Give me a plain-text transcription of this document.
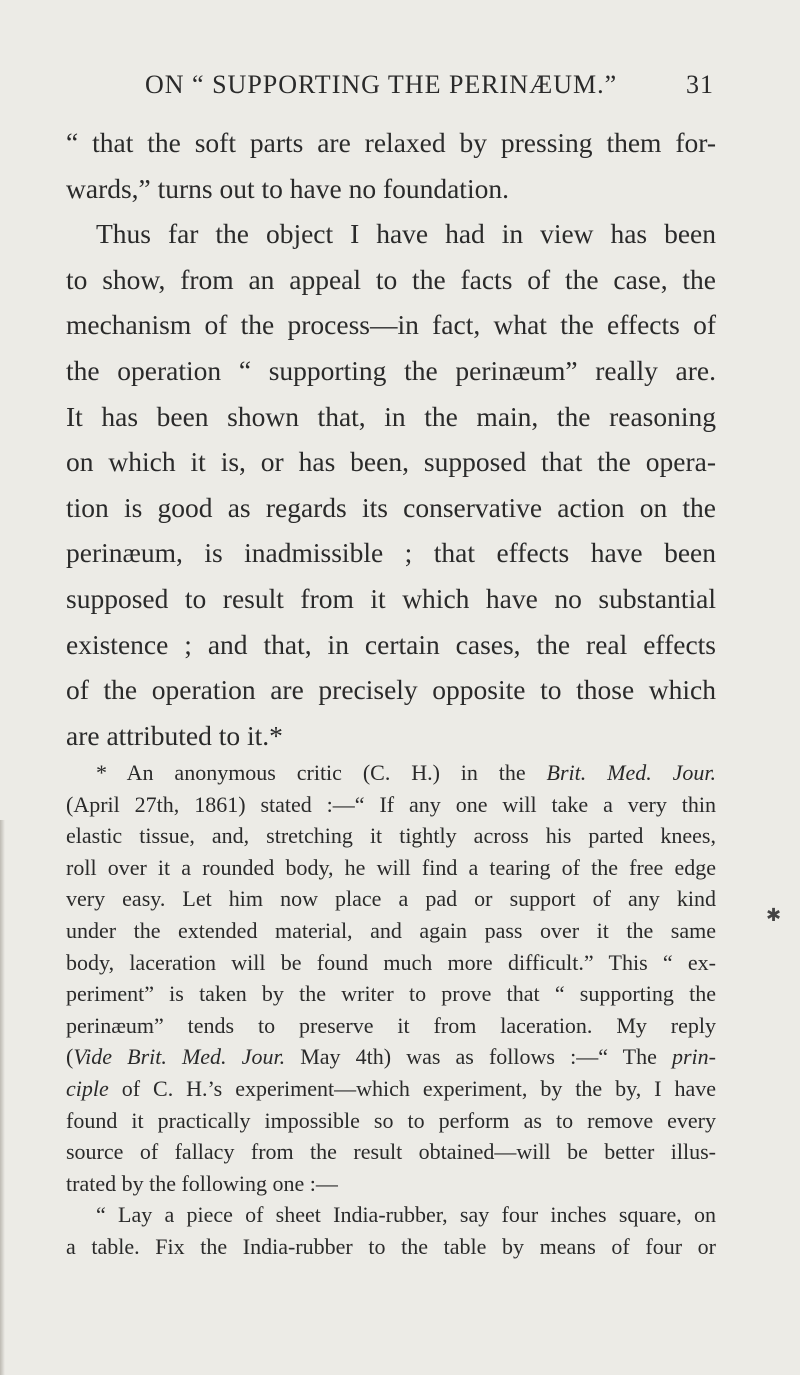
ON “ SUPPORTING THE PERINÆUM.”	31
“ that the soft parts are relaxed by pressing them for-
wards,” turns out to have no foundation.
Thus far the object I have had in view has been
to show, from an appeal to the facts of the case, the
mechanism of the process—in fact, what the effects of
the operation “ supporting the perinæum” really are.
It has been shown that, in the main, the reasoning
on which it is, or has been, supposed that the opera-
tion is good as regards its conservative action on the
perinæum, is inadmissible ; that effects have been
supposed to result from it which have no substantial
existence ; and that, in certain cases, the real effects
of the operation are precisely opposite to those which
are attributed to it.*
* An anonymous critic (C. H.) in the Brit. Med. Jour.
(April 27th, 1861) stated :—“ If any one will take a very thin
elastic tissue, and, stretching it tightly across his parted knees,
roll over it a rounded body, he will find a tearing of the free edge
very easy. Let him now place a pad or support of any kind
under the extended material, and again pass over it the same
body, laceration will be found much more difficult.” This “ ex-
periment” is taken by the writer to prove that “ supporting the
perinæum” tends to preserve it from laceration. My reply
(Vide Brit. Med. Jour. May 4th) was as follows :—“ The prin-
ciple of C. H.’s experiment—which experiment, by the by, I have
found it practically impossible so to perform as to remove every
source of fallacy from the result obtained—will be better illus-
trated by the following one :—
“ Lay a piece of sheet India-rubber, say four inches square, on
a table. Fix the India-rubber to the table by means of four or
✱
